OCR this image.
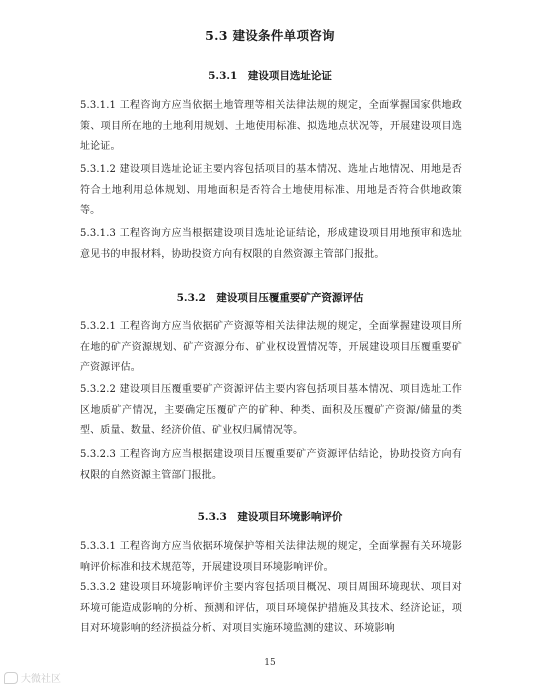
5.3 建设条件单项咨询
5.3.1　建设项目选址论证
5.3.1.1 工程咨询方应当依据土地管理等相关法律法规的规定，全面掌握国家供地政策、项目所在地的土地利用规划、土地使用标准、拟选地点状况等，开展建设项目选址论证。
5.3.1.2 建设项目选址论证主要内容包括项目的基本情况、选址占地情况、用地是否符合土地利用总体规划、用地面积是否符合土地使用标准、用地是否符合供地政策等。
5.3.1.3 工程咨询方应当根据建设项目选址论证结论，形成建设项目用地预审和选址意见书的申报材料，协助投资方向有权限的自然资源主管部门报批。
5.3.2　建设项目压覆重要矿产资源评估
5.3.2.1 工程咨询方应当依据矿产资源等相关法律法规的规定，全面掌握建设项目所在地的矿产资源规划、矿产资源分布、矿业权设置情况等，开展建设项目压覆重要矿产资源评估。
5.3.2.2 建设项目压覆重要矿产资源评估主要内容包括项目基本情况、项目选址工作区地质矿产情况，主要确定压覆矿产的矿种、种类、面积及压覆矿产资源/储量的类型、质量、数量、经济价值、矿业权归属情况等。
5.3.2.3 工程咨询方应当根据建设项目压覆重要矿产资源评估结论，协助投资方向有权限的自然资源主管部门报批。
5.3.3　建设项目环境影响评价
5.3.3.1 工程咨询方应当依据环境保护等相关法律法规的规定，全面掌握有关环境影响评价标准和技术规范等，开展建设项目环境影响评价。
5.3.3.2 建设项目环境影响评价主要内容包括项目概况、项目周围环境现状、项目对环境可能造成影响的分析、预测和评估，项目环境保护措施及其技术、经济论证，项目对环境影响的经济损益分析、对项目实施环境监测的建议、环境影响
15
大微社区
